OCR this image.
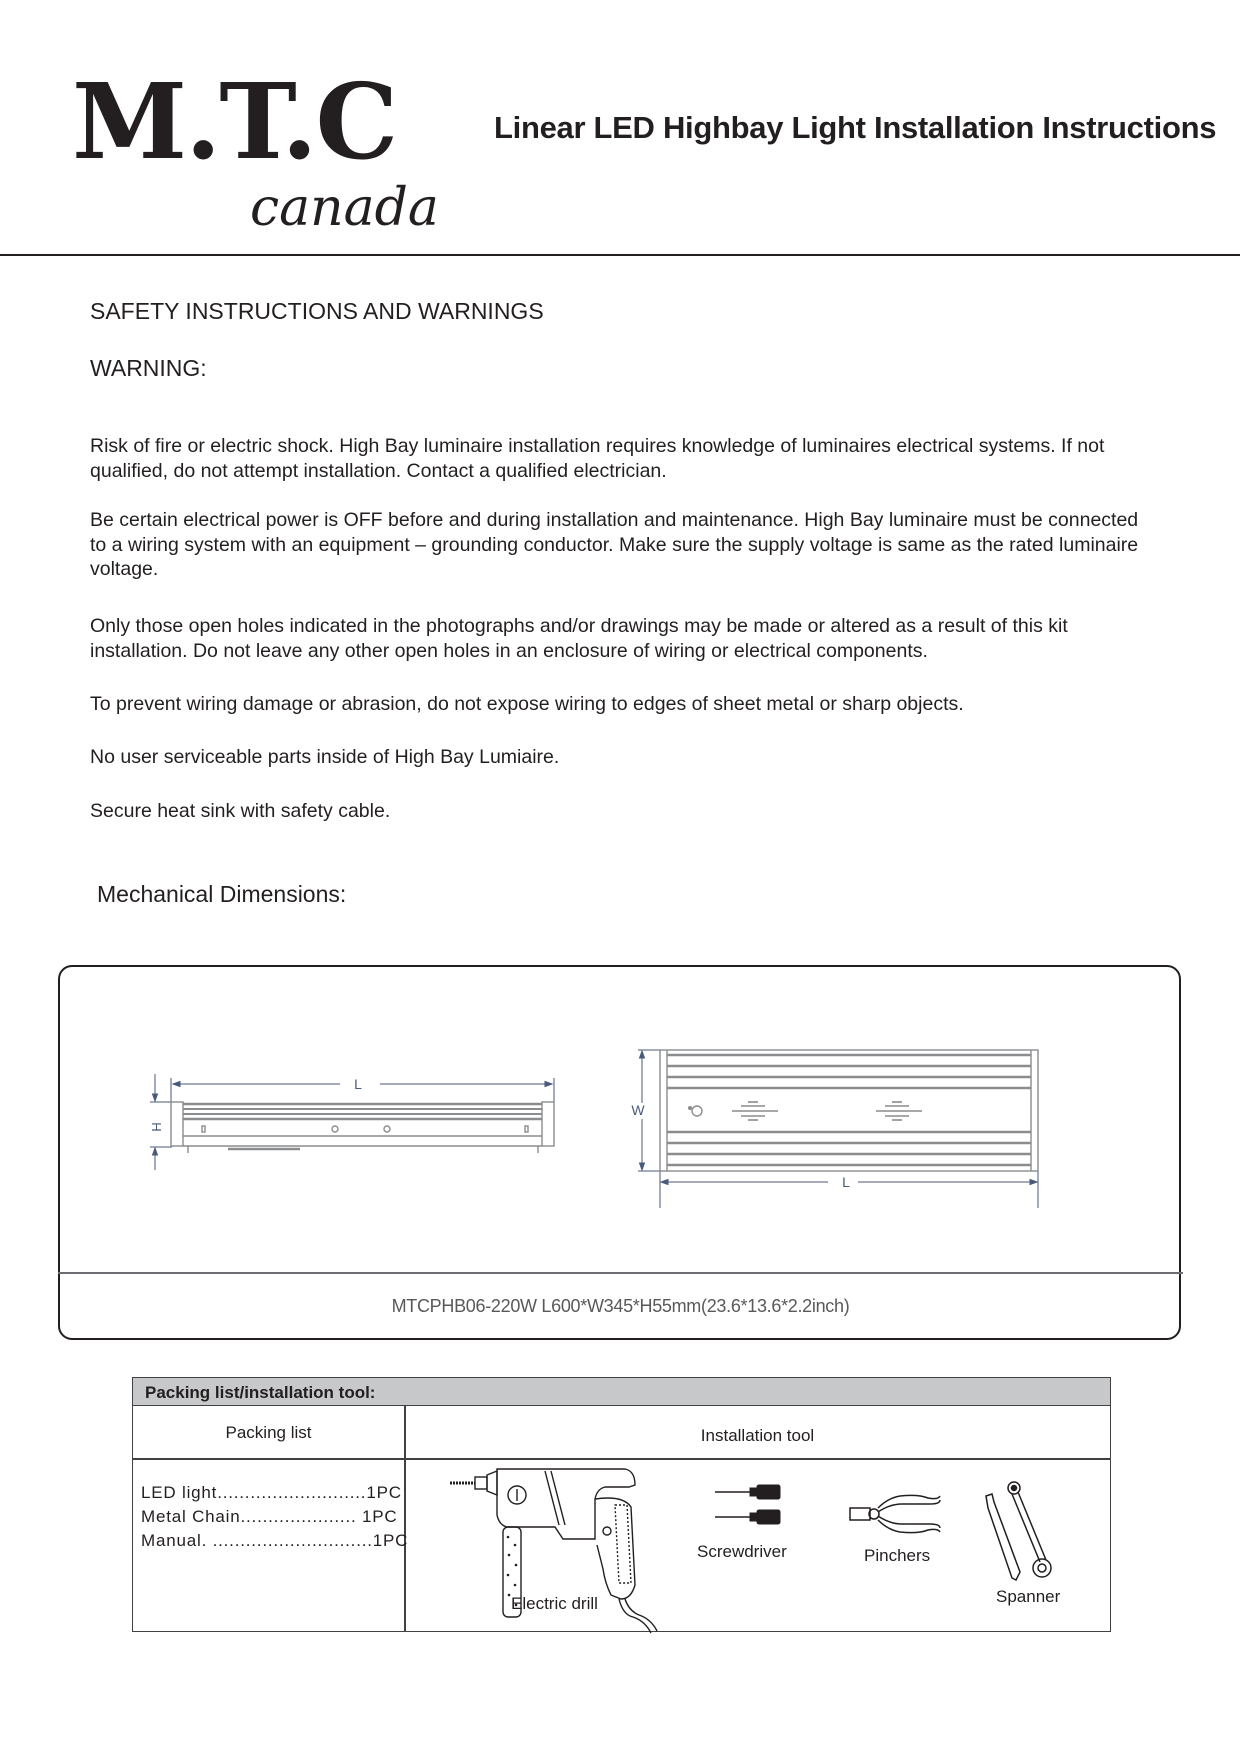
M.T.C
canada
Linear LED Highbay Light Installation Instructions
SAFETY INSTRUCTIONS AND WARNINGS
WARNING:
Risk of fire or electric shock. High Bay luminaire installation requires knowledge of luminaires electrical systems. If not qualified, do not attempt installation. Contact a qualified electrician.
Be certain electrical power is OFF before and during installation and maintenance. High Bay luminaire must be connected to a wiring system with an equipment – grounding conductor. Make sure the supply voltage is same as the rated luminaire voltage.
Only those open holes indicated in the photographs and/or drawings may be made or altered as a result of this kit installation. Do not leave any other open holes in an enclosure of wiring or electrical components.
To prevent wiring damage or abrasion, do not expose wiring to edges of sheet metal or sharp objects.
No user serviceable parts inside of High Bay Lumiaire.
Secure heat sink with safety cable.
Mechanical Dimensions:
L
H
W
L
MTCPHB06-220W L600*W345*H55mm(23.6*13.6*2.2inch)
Packing list/installation tool:
Packing list	Installation tool
LED light...........................1PC
Metal Chain..................... 1PC
Manual. .............................1PC
Electric drill
Screwdriver	Pinchers
Spanner
